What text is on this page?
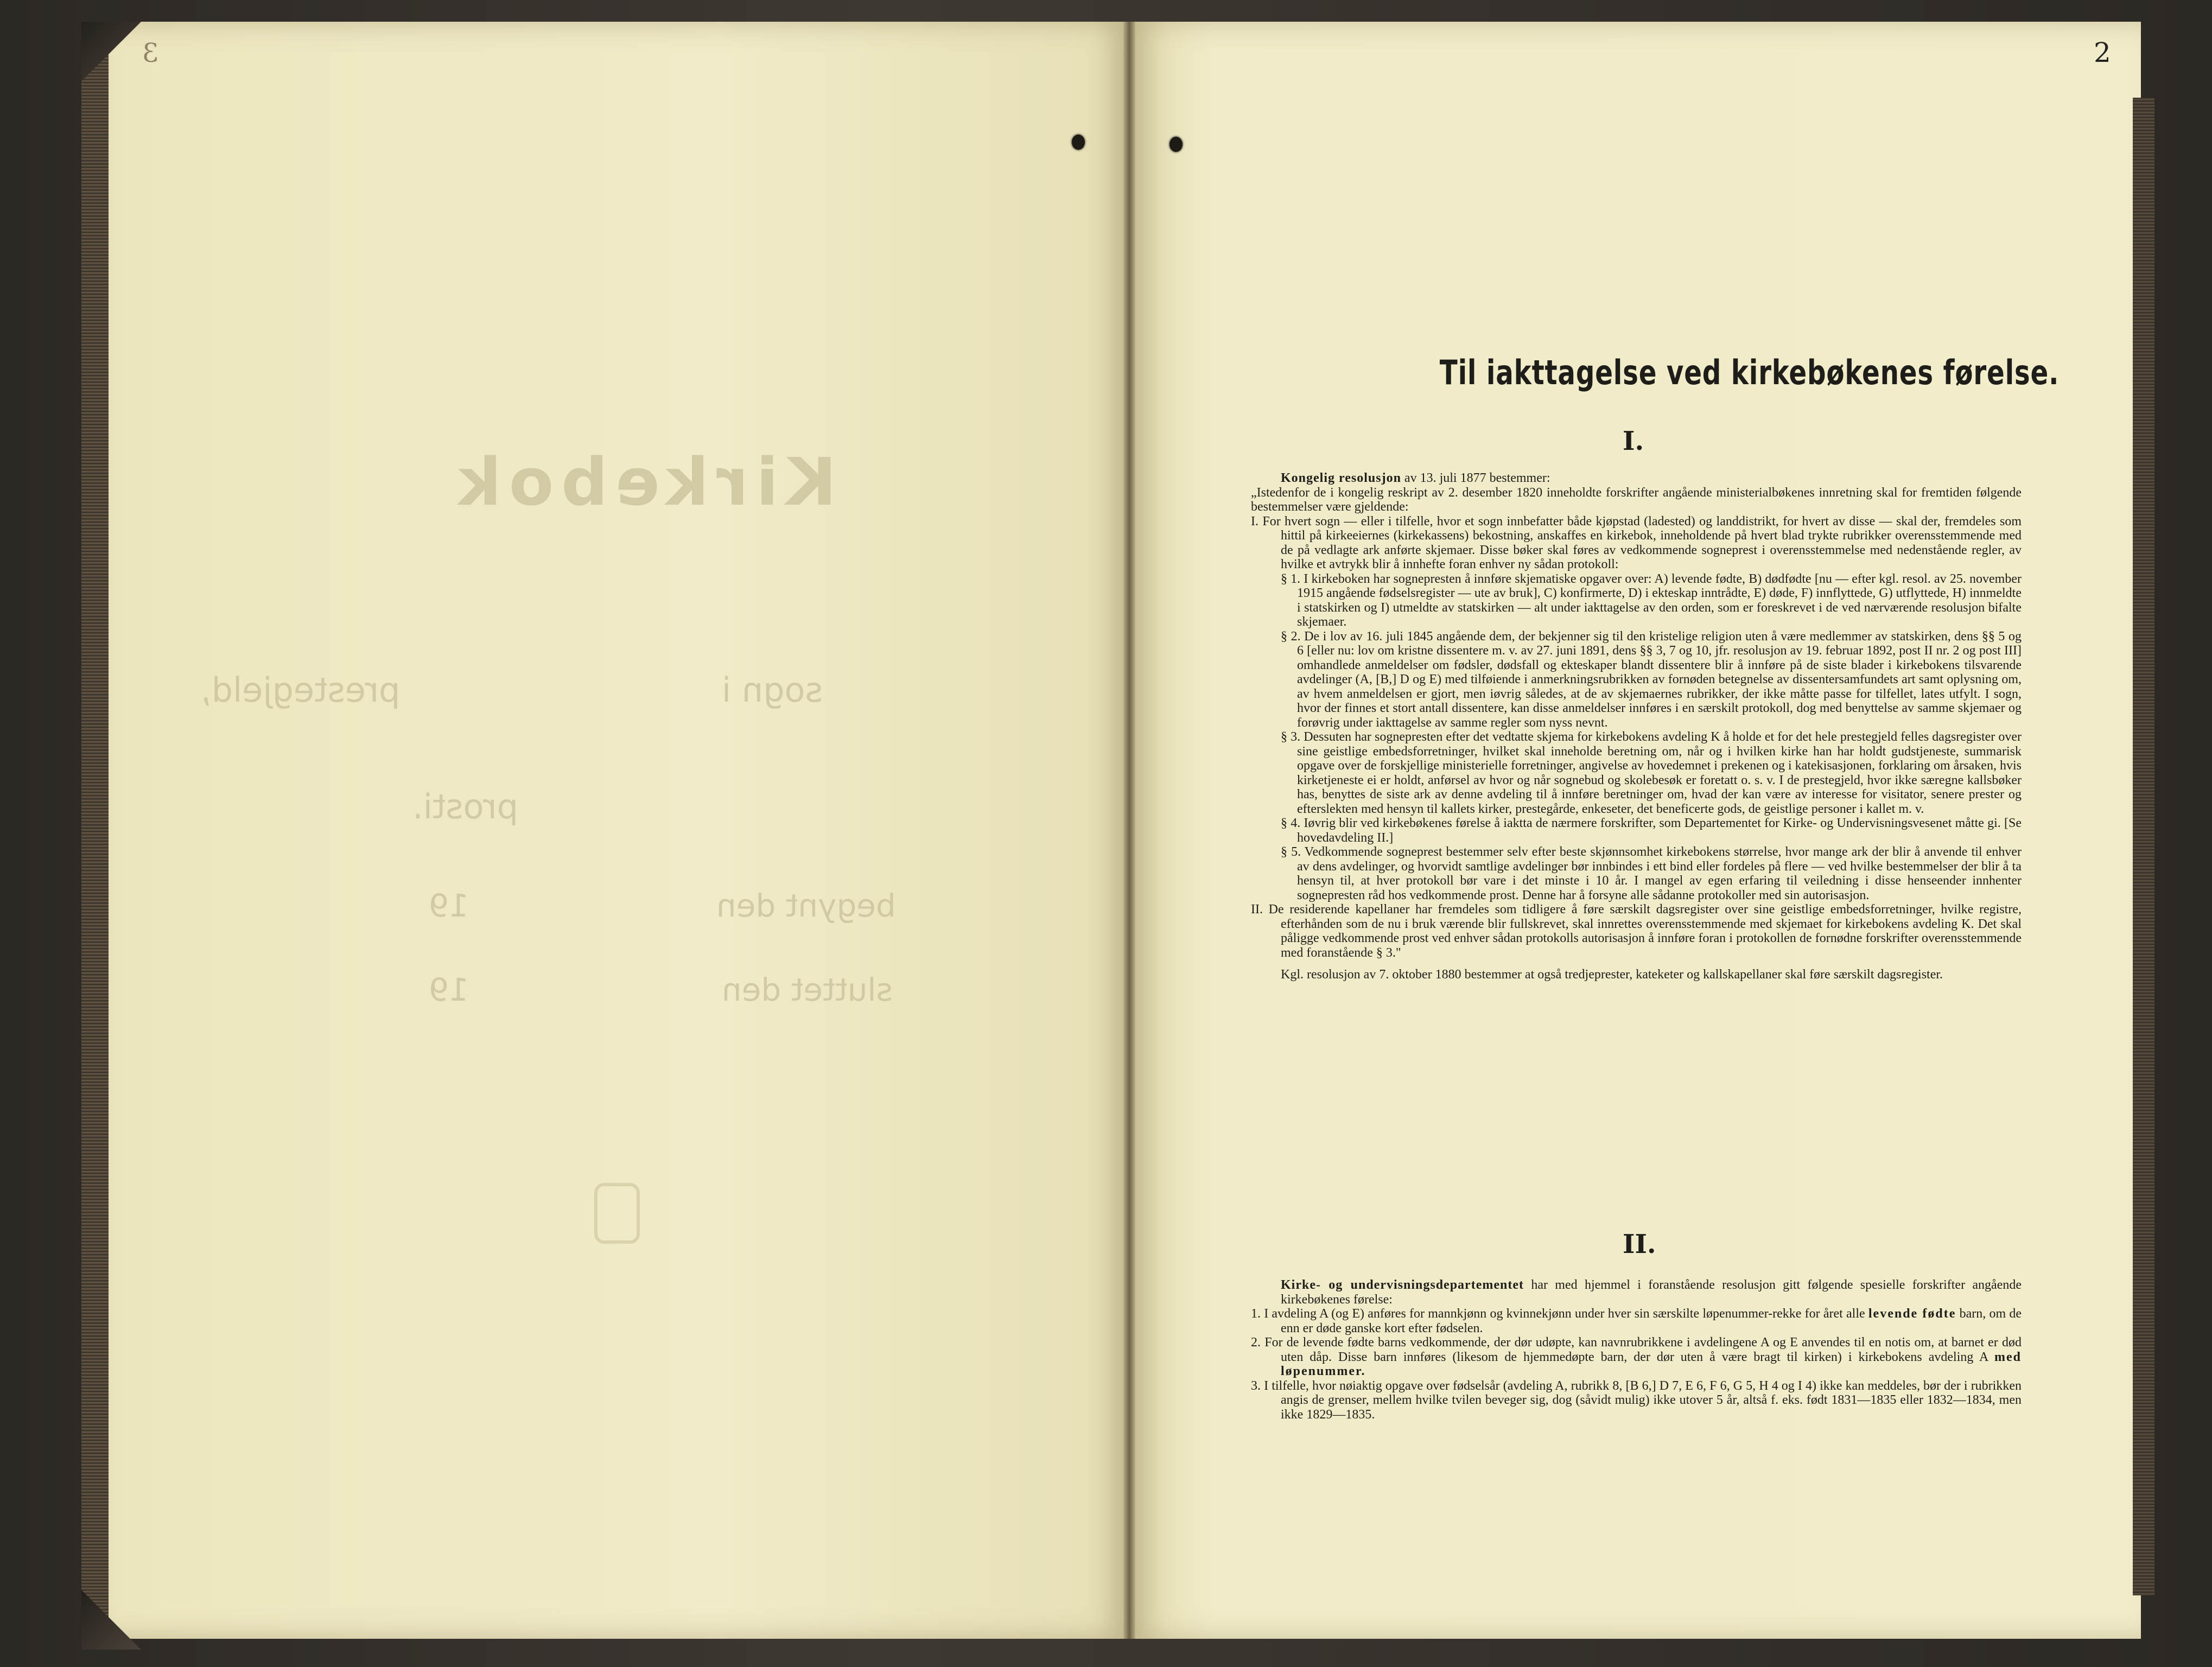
3
Kirkebok
sogn i
prestegjeld,
prosti.
begynt den
19
sluttet den
19
2
Til iakttagelse ved kirkebøkenes førelse.
I.

Kongelig resolusjon av 13. juli 1877 bestemmer:

„Istedenfor de i kongelig reskript av 2. desember 1820 inneholdte forskrifter angående ministerialbøkenes innretning skal for fremtiden følgende bestemmelser være gjeldende:

I. For hvert sogn — eller i tilfelle, hvor et sogn innbefatter både kjøpstad (ladested) og landdistrikt, for hvert av disse — skal der, fremdeles som hittil på kirkeeiernes (kirkekassens) bekostning, anskaffes en kirkebok, inneholdende på hvert blad trykte rubrikker overensstemmende med de på vedlagte ark anførte skjemaer. Disse bøker skal føres av vedkommende sogneprest i overensstemmelse med nedenstående regler, av hvilke et avtrykk blir å innhefte foran enhver ny sådan protokoll:

§ 1. I kirkeboken har sognepresten å innføre skjematiske opgaver over: A) levende fødte, B) dødfødte [nu — efter kgl. resol. av 25. november 1915 angående fødselsregister — ute av bruk], C) konfirmerte, D) i ekteskap inntrådte, E) døde, F) innflyttede, G) utflyttede, H) innmeldte i statskirken og I) utmeldte av statskirken — alt under iakttagelse av den orden, som er foreskrevet i de ved nærværende resolusjon bifalte skjemaer.

§ 2. De i lov av 16. juli 1845 angående dem, der bekjenner sig til den kristelige religion uten å være medlemmer av statskirken, dens §§ 5 og 6 [eller nu: lov om kristne dissentere m. v. av 27. juni 1891, dens §§ 3, 7 og 10, jfr. resolusjon av 19. februar 1892, post II nr. 2 og post III] omhandlede anmeldelser om fødsler, dødsfall og ekteskaper blandt dissentere blir å innføre på de siste blader i kirkebokens tilsvarende avdelinger (A, [B,] D og E) med tilføiende i anmerkningsrubrikken av fornøden betegnelse av dissentersamfundets art samt oplysning om, av hvem anmeldelsen er gjort, men iøvrig således, at de av skjemaernes rubrikker, der ikke måtte passe for tilfellet, lates utfylt. I sogn, hvor der finnes et stort antall dissentere, kan disse anmeldelser innføres i en særskilt protokoll, dog med benyttelse av samme skjemaer og forøvrig under iakttagelse av samme regler som nyss nevnt.

§ 3. Dessuten har sognepresten efter det vedtatte skjema for kirkebokens avdeling K å holde et for det hele prestegjeld felles dagsregister over sine geistlige embedsforretninger, hvilket skal inneholde beretning om, når og i hvilken kirke han har holdt gudstjeneste, summarisk opgave over de forskjellige ministerielle forretninger, angivelse av hovedemnet i prekenen og i katekisasjonen, forklaring om årsaken, hvis kirketjeneste ei er holdt, anførsel av hvor og når sognebud og skolebesøk er foretatt o. s. v. I de prestegjeld, hvor ikke særegne kallsbøker has, benyttes de siste ark av denne avdeling til å innføre beretninger om, hvad der kan være av interesse for visitator, senere prester og efterslekten med hensyn til kallets kirker, prestegårde, enkeseter, det beneficerte gods, de geistlige personer i kallet m. v.

§ 4. Iøvrig blir ved kirkebøkenes førelse å iaktta de nærmere forskrifter, som Departementet for Kirke- og Undervisningsvesenet måtte gi. [Se hovedavdeling II.]

§ 5. Vedkommende sogneprest bestemmer selv efter beste skjønnsomhet kirkebokens størrelse, hvor mange ark der blir å anvende til enhver av dens avdelinger, og hvorvidt samtlige avdelinger bør innbindes i ett bind eller fordeles på flere — ved hvilke bestemmelser der blir å ta hensyn til, at hver protokoll bør vare i det minste i 10 år. I mangel av egen erfaring til veiledning i disse henseender innhenter sognepresten råd hos vedkommende prost. Denne har å forsyne alle sådanne protokoller med sin autorisasjon.

II. De residerende kapellaner har fremdeles som tidligere å føre særskilt dagsregister over sine geistlige embedsforretninger, hvilke registre, efterhånden som de nu i bruk værende blir fullskrevet, skal innrettes overensstemmende med skjemaet for kirkebokens avdeling K. Det skal påligge vedkommende prost ved enhver sådan protokolls autorisasjon å innføre foran i protokollen de fornødne forskrifter overensstemmende med foranstående § 3."

Kgl. resolusjon av 7. oktober 1880 bestemmer at også tredjeprester, kateketer og kallskapellaner skal føre særskilt dagsregister.

II.

Kirke- og undervisningsdepartementet har med hjemmel i foranstående resolusjon gitt følgende spesielle forskrifter angående kirkebøkenes førelse:

1. I avdeling A (og E) anføres for mannkjønn og kvinnekjønn under hver sin særskilte løpenummer-rekke for året alle levende fødte barn, om de enn er døde ganske kort efter fødselen.

2. For de levende fødte barns vedkommende, der dør udøpte, kan navnrubrikkene i avdelingene A og E anvendes til en notis om, at barnet er død uten dåp. Disse barn innføres (likesom de hjemmedøpte barn, der dør uten å være bragt til kirken) i kirkebokens avdeling A med løpenummer.

3. I tilfelle, hvor nøiaktig opgave over fødselsår (avdeling A, rubrikk 8, [B 6,] D 7, E 6, F 6, G 5, H 4 og I 4) ikke kan meddeles, bør der i rubrikken angis de grenser, mellem hvilke tvilen beveger sig, dog (såvidt mulig) ikke utover 5 år, altså f. eks. født 1831—1835 eller 1832—1834, men ikke 1829—1835.
